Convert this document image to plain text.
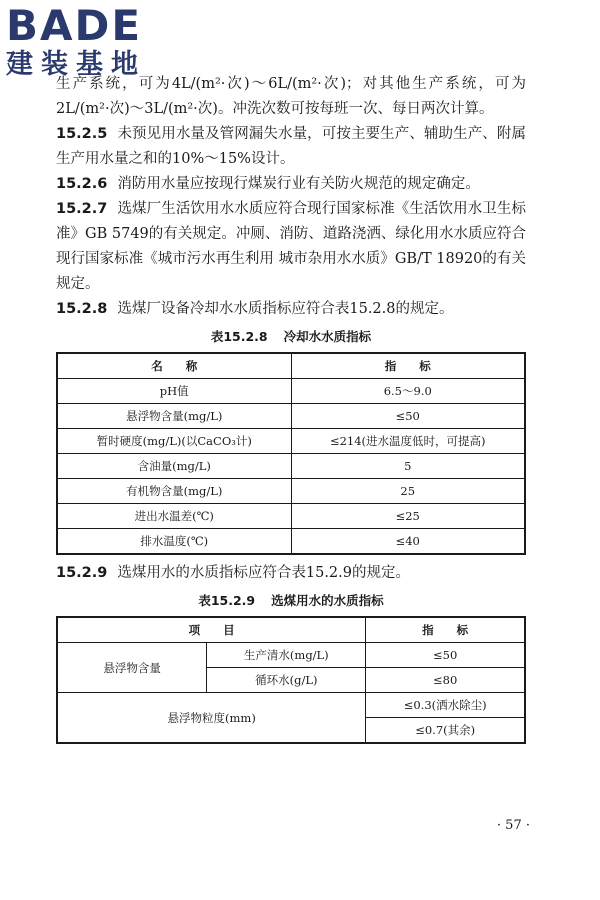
BADE
建装基地

生产系统，可为4L/(m²·次)～6L/(m²·次)；对其他生产系统，可为2L/(m²·次)～3L/(m²·次)。冲洗次数可按每班一次、每日两次计算。

15.2.5 未预见用水量及管网漏失水量，可按主要生产、辅助生产、附属生产用水量之和的10%～15%设计。

15.2.6 消防用水量应按现行煤炭行业有关防火规范的规定确定。

15.2.7 选煤厂生活饮用水水质应符合现行国家标准《生活饮用水卫生标准》GB 5749的有关规定。冲厕、消防、道路浇洒、绿化用水水质应符合现行国家标准《城市污水再生利用 城市杂用水水质》GB/T 18920的有关规定。

15.2.8 选煤厂设备冷却水水质指标应符合表15.2.8的规定。

表15.2.8 冷却水水质指标
名　　称	指　　标
pH值	6.5～9.0
悬浮物含量(mg/L)	≤50
暂时硬度(mg/L)(以CaCO₃计)	≤214(进水温度低时，可提高)
含油量(mg/L)	5
有机物含量(mg/L)	25
进出水温差(℃)	≤25
排水温度(℃)	≤40

15.2.9 选煤用水的水质指标应符合表15.2.9的规定。

表15.2.9 选煤用水的水质指标
项　　目		指　　标
悬浮物含量	生产清水(mg/L)	≤50
	循环水(g/L)	≤80
悬浮物粒度(mm)		≤0.3(洒水除尘)
		≤0.7(其余)
· 57 ·
